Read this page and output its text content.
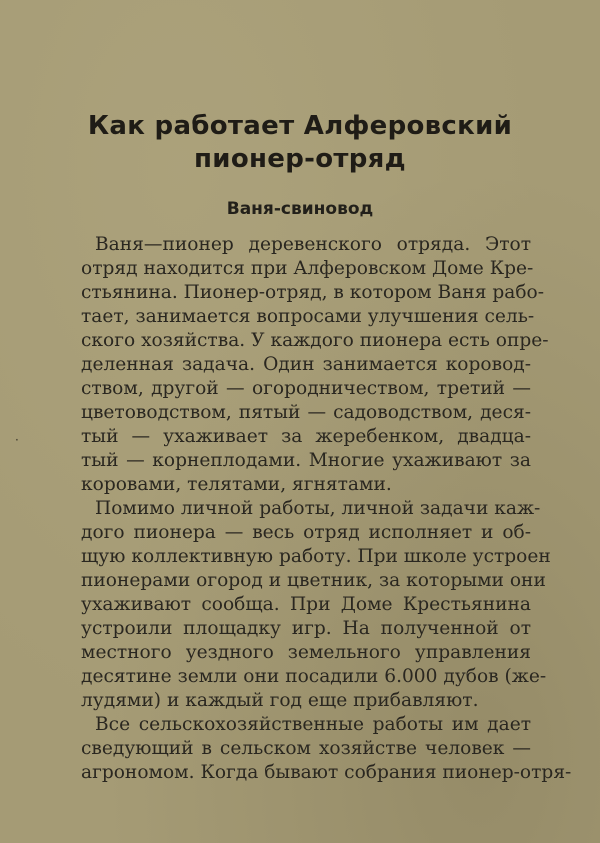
Как работает Алферовский
пионер-отряд
Ваня-свиновод
Ваня—пионер деревенского отряда. Этот
отряд находится при Алферовском Доме Кре-
стьянина. Пионер-отряд, в котором Ваня рабо-
тает, занимается вопросами улучшения сель-
ского хозяйства. У каждого пионера есть опре-
деленная задача. Один занимается коровод-
ством, другой — огородничеством, третий —
цветоводством, пятый — садоводством, деся-
тый — ухаживает за жеребенком, двадца-
тый — корнеплодами. Многие ухаживают за
коровами, телятами, ягнятами.
Помимо личной работы, личной задачи каж-
дого пионера — весь отряд исполняет и об-
щую коллективную работу. При школе устроен
пионерами огород и цветник, за которыми они
ухаживают сообща. При Доме Крестьянина
устроили площадку игр. На полученной от
местного уездного земельного управления
десятине земли они посадили 6.000 дубов (же-
лудями) и каждый год еще прибавляют.
Все сельскохозяйственные работы им дает
сведующий в сельском хозяйстве человек —
агрономом. Когда бывают собрания пионер-отря-
·
